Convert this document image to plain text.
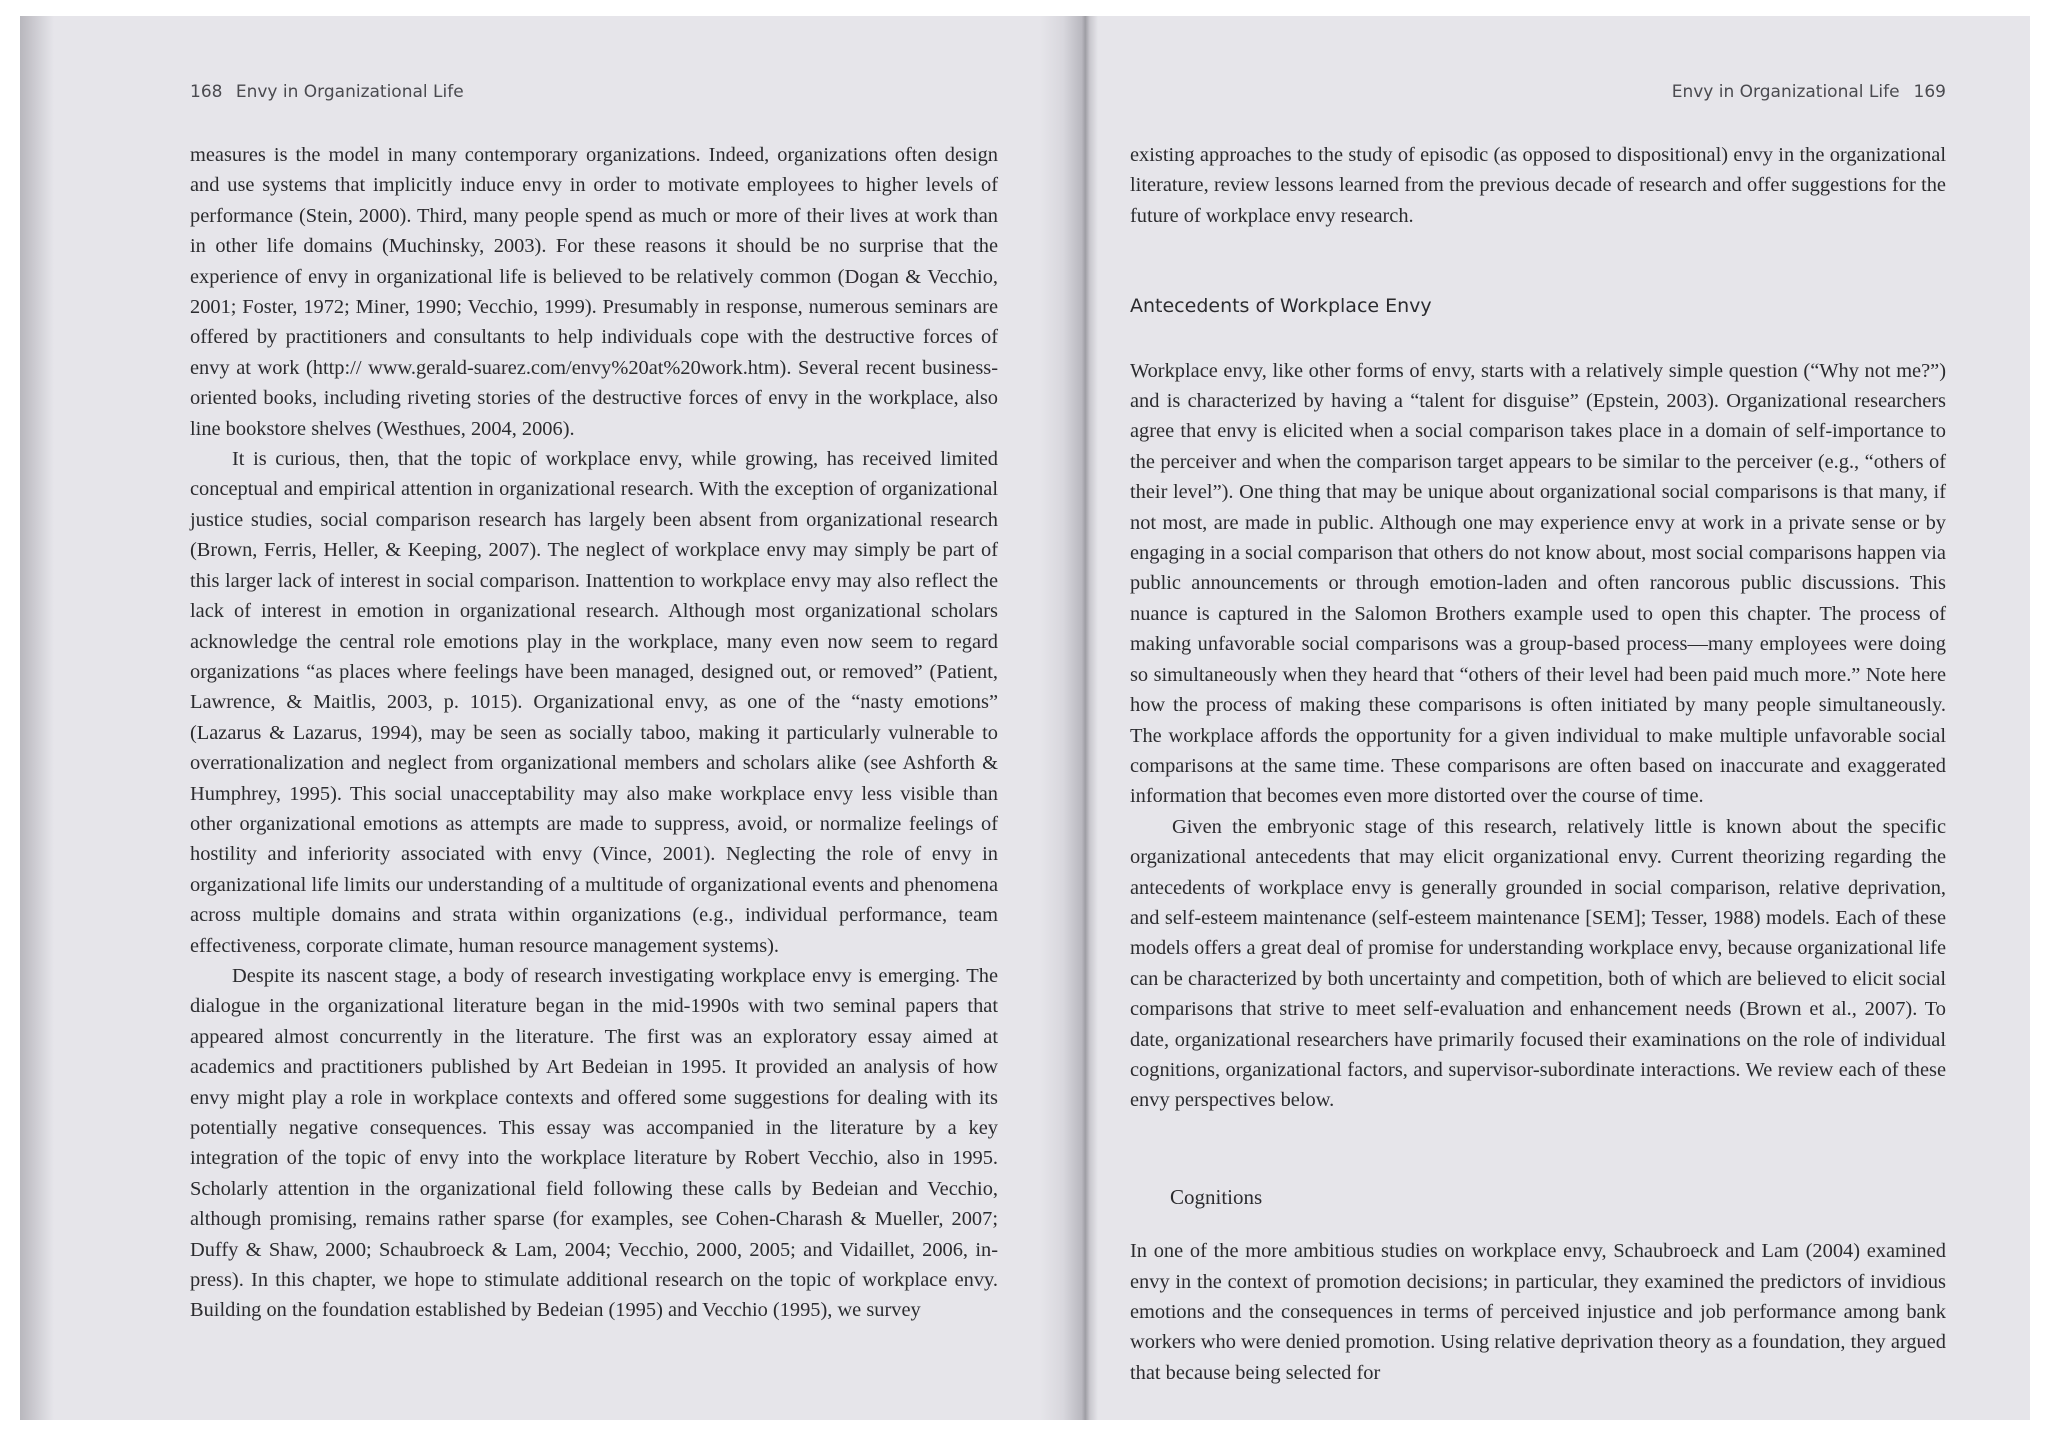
168 Envy in Organizational Life

measures is the model in many contemporary organizations. Indeed, organizations often design and use systems that implicitly induce envy in order to motivate employees to higher levels of performance (Stein, 2000). Third, many people spend as much or more of their lives at work than in other life domains (Muchinsky, 2003). For these reasons it should be no surprise that the experience of envy in organizational life is believed to be relatively common (Dogan & Vecchio, 2001; Foster, 1972; Miner, 1990; Vecchio, 1999). Presumably in response, numerous seminars are offered by practitioners and consultants to help individuals cope with the destructive forces of envy at work (http:// www.gerald-suarez.com/envy%20at%20work.htm). Several recent business-oriented books, including riveting stories of the destructive forces of envy in the workplace, also line bookstore shelves (Westhues, 2004, 2006).

It is curious, then, that the topic of workplace envy, while growing, has received limited conceptual and empirical attention in organizational research. With the exception of organizational justice studies, social comparison research has largely been absent from organizational research (Brown, Ferris, Heller, & Keeping, 2007). The neglect of workplace envy may simply be part of this larger lack of interest in social comparison. Inattention to workplace envy may also reflect the lack of interest in emotion in organizational research. Although most organizational scholars acknowledge the central role emotions play in the workplace, many even now seem to regard organizations “as places where feelings have been managed, designed out, or removed” (Patient, Lawrence, & Maitlis, 2003, p. 1015). Organizational envy, as one of the “nasty emotions” (Lazarus & Lazarus, 1994), may be seen as socially taboo, making it particularly vulnerable to overrationalization and neglect from organizational members and scholars alike (see Ashforth & Humphrey, 1995). This social unacceptability may also make workplace envy less visible than other organizational emotions as attempts are made to suppress, avoid, or normalize feelings of hostility and inferiority associated with envy (Vince, 2001). Neglecting the role of envy in organizational life limits our understanding of a multitude of organizational events and phenomena across multiple domains and strata within organizations (e.g., individual performance, team effectiveness, corporate climate, human resource management systems).

Despite its nascent stage, a body of research investigating workplace envy is emerging. The dialogue in the organizational literature began in the mid-1990s with two seminal papers that appeared almost concurrently in the literature. The first was an exploratory essay aimed at academics and practitioners published by Art Bedeian in 1995. It provided an analysis of how envy might play a role in workplace contexts and offered some suggestions for dealing with its potentially negative consequences. This essay was accompanied in the literature by a key integration of the topic of envy into the workplace literature by Robert Vecchio, also in 1995. Scholarly attention in the organizational field following these calls by Bedeian and Vecchio, although promising, remains rather sparse (for examples, see Cohen-Charash & Mueller, 2007; Duffy & Shaw, 2000; Schaubroeck & Lam, 2004; Vecchio, 2000, 2005; and Vidaillet, 2006, in-press). In this chapter, we hope to stimulate additional research on the topic of workplace envy. Building on the foundation established by Bedeian (1995) and Vecchio (1995), we survey

Envy in Organizational Life 169

existing approaches to the study of episodic (as opposed to dispositional) envy in the organizational literature, review lessons learned from the previous decade of research and offer suggestions for the future of workplace envy research.

Antecedents of Workplace Envy

Workplace envy, like other forms of envy, starts with a relatively simple question (“Why not me?”) and is characterized by having a “talent for disguise” (Epstein, 2003). Organizational researchers agree that envy is elicited when a social comparison takes place in a domain of self-importance to the perceiver and when the comparison target appears to be similar to the perceiver (e.g., “others of their level”). One thing that may be unique about organizational social comparisons is that many, if not most, are made in public. Although one may experience envy at work in a private sense or by engaging in a social comparison that others do not know about, most social comparisons happen via public announcements or through emotion-laden and often rancorous public discussions. This nuance is captured in the Salomon Brothers example used to open this chapter. The process of making unfavorable social comparisons was a group-based process—many employees were doing so simultaneously when they heard that “others of their level had been paid much more.” Note here how the process of making these comparisons is often initiated by many people simultaneously. The workplace affords the opportunity for a given individual to make multiple unfavorable social comparisons at the same time. These comparisons are often based on inaccurate and exaggerated information that becomes even more distorted over the course of time.

Given the embryonic stage of this research, relatively little is known about the specific organizational antecedents that may elicit organizational envy. Current theorizing regarding the antecedents of workplace envy is generally grounded in social comparison, relative deprivation, and self-esteem maintenance (self-esteem maintenance [SEM]; Tesser, 1988) models. Each of these models offers a great deal of promise for understanding workplace envy, because organizational life can be characterized by both uncertainty and competition, both of which are believed to elicit social comparisons that strive to meet self-evaluation and enhancement needs (Brown et al., 2007). To date, organizational researchers have primarily focused their examinations on the role of individual cognitions, organizational factors, and supervisor-subordinate interactions. We review each of these envy perspectives below.

Cognitions

In one of the more ambitious studies on workplace envy, Schaubroeck and Lam (2004) examined envy in the context of promotion decisions; in particular, they examined the predictors of invidious emotions and the consequences in terms of perceived injustice and job performance among bank workers who were denied promotion. Using relative deprivation theory as a foundation, they argued that because being selected for
